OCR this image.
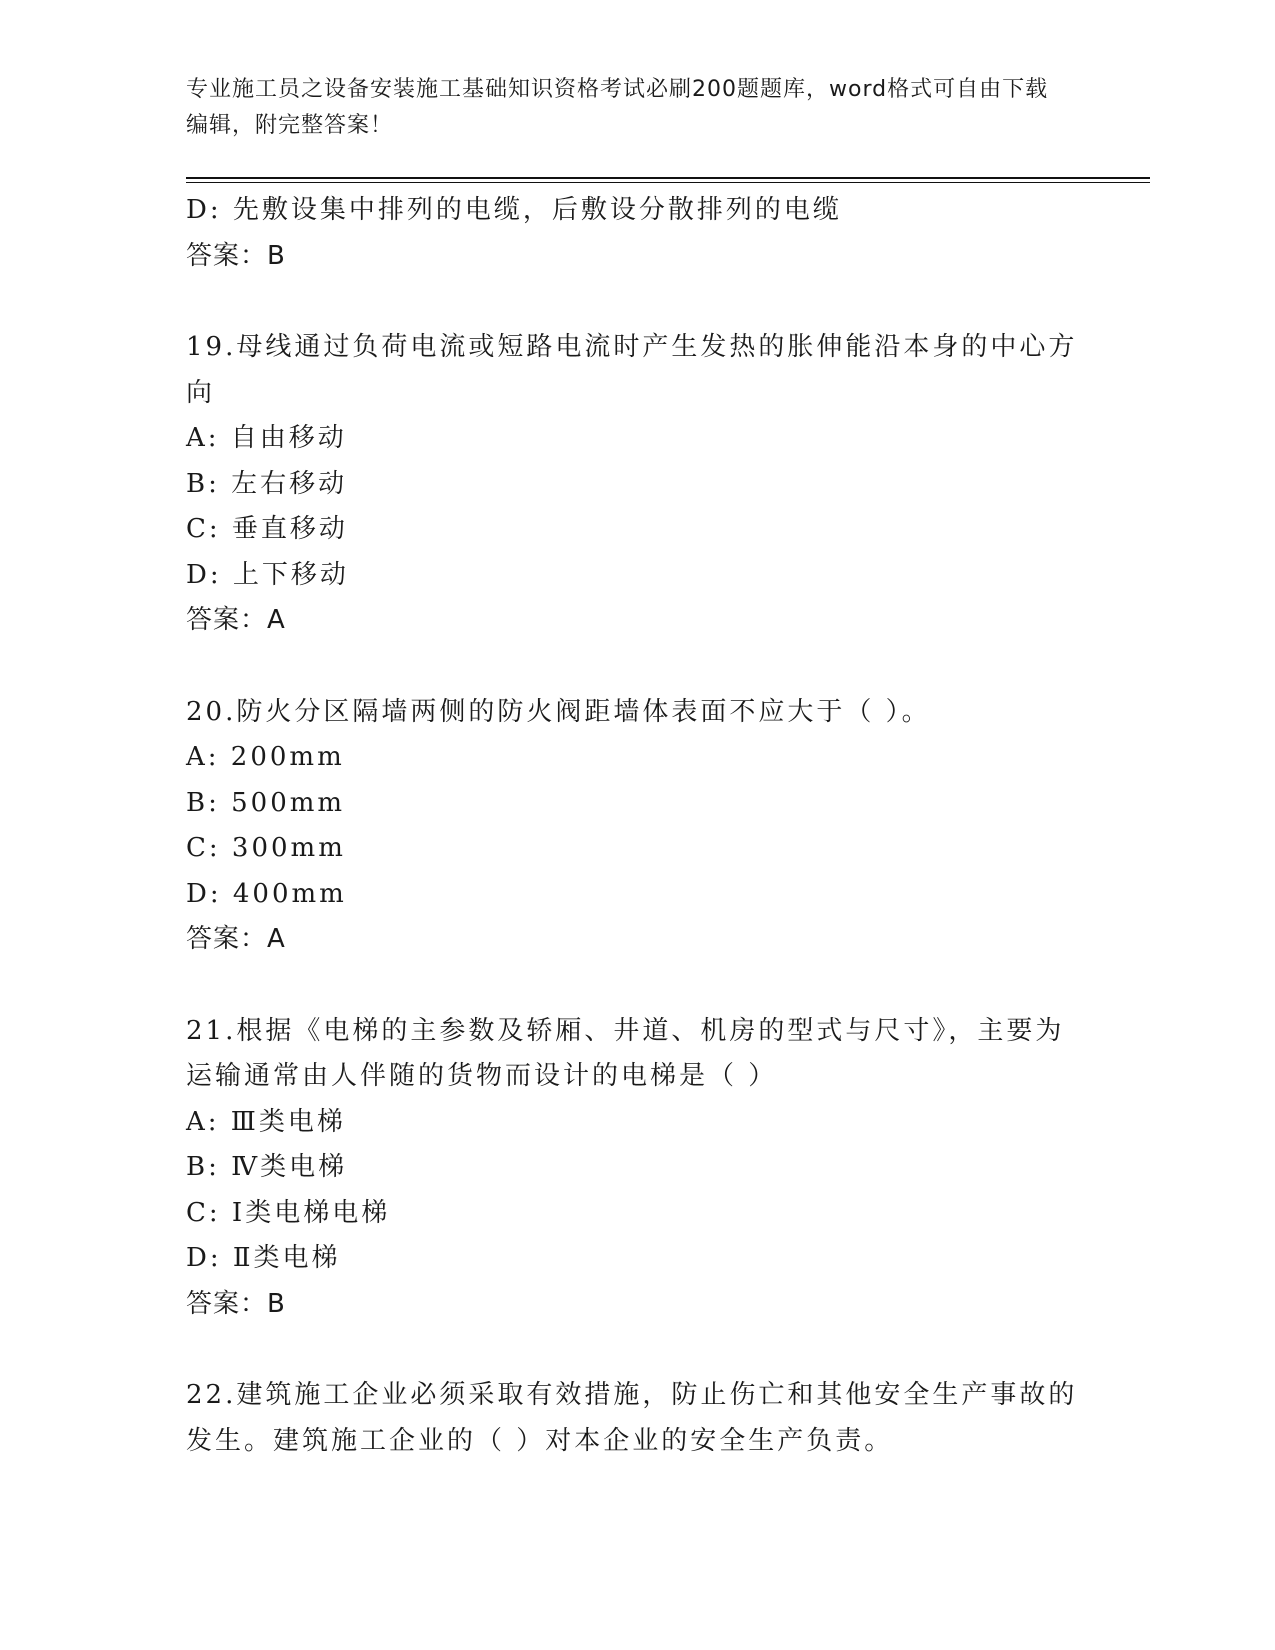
专业施工员之设备安装施工基础知识资格考试必刷200题题库，word格式可自由下载编辑，附完整答案！
D: 先敷设集中排列的电缆，后敷设分散排列的电缆
答案：B
19.母线通过负荷电流或短路电流时产生发热的胀伸能沿本身的中心方
向
A: 自由移动
B: 左右移动
C: 垂直移动
D: 上下移动
答案：A
20.防火分区隔墙两侧的防火阀距墙体表面不应大于（ ）。
A: 200mm
B: 500mm
C: 300mm
D: 400mm
答案：A
21.根据《电梯的主参数及轿厢、井道、机房的型式与尺寸》，主要为
运输通常由人伴随的货物而设计的电梯是（ ）
A: Ⅲ类电梯
B: Ⅳ类电梯
C: Ⅰ类电梯电梯
D: Ⅱ类电梯
答案：B
22.建筑施工企业必须采取有效措施，防止伤亡和其他安全生产事故的
发生。建筑施工企业的（ ）对本企业的安全生产负责。
